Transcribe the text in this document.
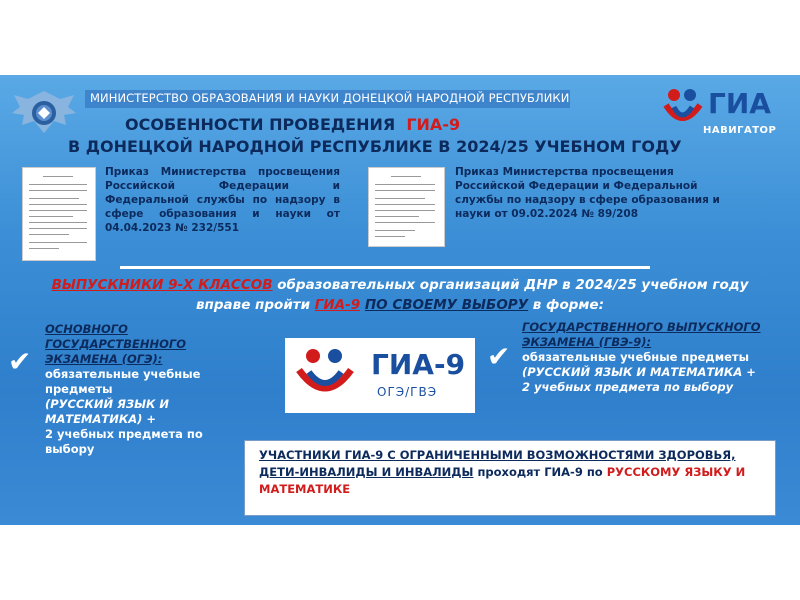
МИНИСТЕРСТВО ОБРАЗОВАНИЯ И НАУКИ ДОНЕЦКОЙ НАРОДНОЙ РЕСПУБЛИКИ
ОСОБЕННОСТИ ПРОВЕДЕНИЯ ГИА-9
В ДОНЕЦКОЙ НАРОДНОЙ РЕСПУБЛИКЕ В 2024/25 УЧЕБНОМ ГОДУ
ГИА
НАВИГАТОР
Приказ Министерства просвещения Российской Федерации и Федеральной службы по надзору в сфере образования и науки от 04.04.2023 № 232/551
Приказ Министерства просвещения Российской Федерации и Федеральной службы по надзору в сфере образования и науки от 09.02.2024 № 89/208
ВЫПУСКНИКИ 9-Х КЛАССОВ образовательных организаций ДНР в 2024/25 учебном году
вправе пройти ГИА-9 ПО СВОЕМУ ВЫБОРУ в форме:
✔
ОСНОВНОГО ГОСУДАРСТВЕННОГО ЭКЗАМЕНА (ОГЭ):
обязательные учебные предметы
(РУССКИЙ ЯЗЫК И МАТЕМАТИКА) +
2 учебных предмета по выбору
ГИА-9
ОГЭ/ГВЭ
✔
ГОСУДАРСТВЕННОГО ВЫПУСКНОГО ЭКЗАМЕНА (ГВЭ-9):
обязательные учебные предметы
(РУССКИЙ ЯЗЫК И МАТЕМАТИКА +
2 учебных предмета по выбору
УЧАСТНИКИ ГИА-9 С ОГРАНИЧЕННЫМИ ВОЗМОЖНОСТЯМИ ЗДОРОВЬЯ, ДЕТИ-ИНВАЛИДЫ И ИНВАЛИДЫ проходят ГИА-9 по РУССКОМУ ЯЗЫКУ И МАТЕМАТИКЕ
